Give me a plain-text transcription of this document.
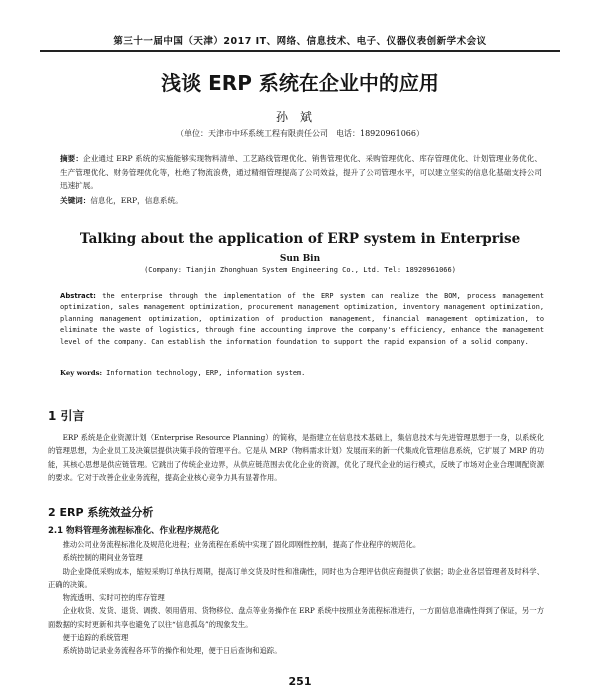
第三十一届中国（天津）2017 IT、网络、信息技术、电子、仪器仪表创新学术会议
浅谈 ERP 系统在企业中的应用
孙斌
（单位：天津市中环系统工程有限责任公司　电话：18920961066）
摘要：企业通过 ERP 系统的实施能够实现物料清单、工艺路线管理优化、销售管理优化、采购管理优化、库存管理优化、计划管理业务优化、生产管理优化、财务管理优化等，杜绝了物流浪费，通过精细管理提高了公司效益，提升了公司管理水平，可以建立坚实的信息化基础支持公司迅速扩展。
关键词：信息化，ERP，信息系统。
Talking about the application of ERP system in Enterprise
Sun Bin
(Company: Tianjin Zhonghuan System Engineering Co., Ltd. Tel: 18920961066)
Abstract: the enterprise through the implementation of the ERP system can realize the BOM, process management optimization, sales management optimization, procurement management optimization, inventory management optimization, planning management optimization, optimization of production management, financial management optimization, to eliminate the waste of logistics, through fine accounting improve the company's efficiency, enhance the management level of the company. Can establish the information foundation to support the rapid expansion of a solid company.
Key words: Information technology, ERP, information system.
1 引言
ERP 系统是企业资源计划（Enterprise Resource Planning）的简称，是指建立在信息技术基础上，集信息技术与先进管理思想于一身，以系统化的管理思想，为企业员工及决策层提供决策手段的管理平台。它是从 MRP（物料需求计划）发展而来的新一代集成化管理信息系统，它扩展了 MRP 的功能，其核心思想是供应链管理。它跳出了传统企业边界，从供应链范围去优化企业的资源，优化了现代企业的运行模式，反映了市场对企业合理调配资源的要求。它对于改善企业业务流程，提高企业核心竞争力具有显著作用。
2 ERP 系统效益分析
2.1 物料管理务流程标准化、作业程序规范化

推动公司业务流程标准化及规范化进程；业务流程在系统中实现了固化即刚性控制，提高了作业程序的规范化。

系统控制的期间业务管理

助企业降低采购成本，缩短采购订单执行周期，提高订单交货及时性和准确性，同时也为合理评估供应商提供了依据；助企业各层管理者及时科学、正确的决策。

物流透明、实时可控的库存管理

企业收货、发货、退货、调拨、领用借用、货物移位、盘点等业务操作在 ERP 系统中按照业务流程标准进行，一方面信息准确性得到了保证，另一方面数据的实时更新和共享也避免了以往“信息孤岛”的现象发生。

便于追踪的系统管理

系统协助记录业务流程各环节的操作和处理，便于日后查询和追踪。

251
